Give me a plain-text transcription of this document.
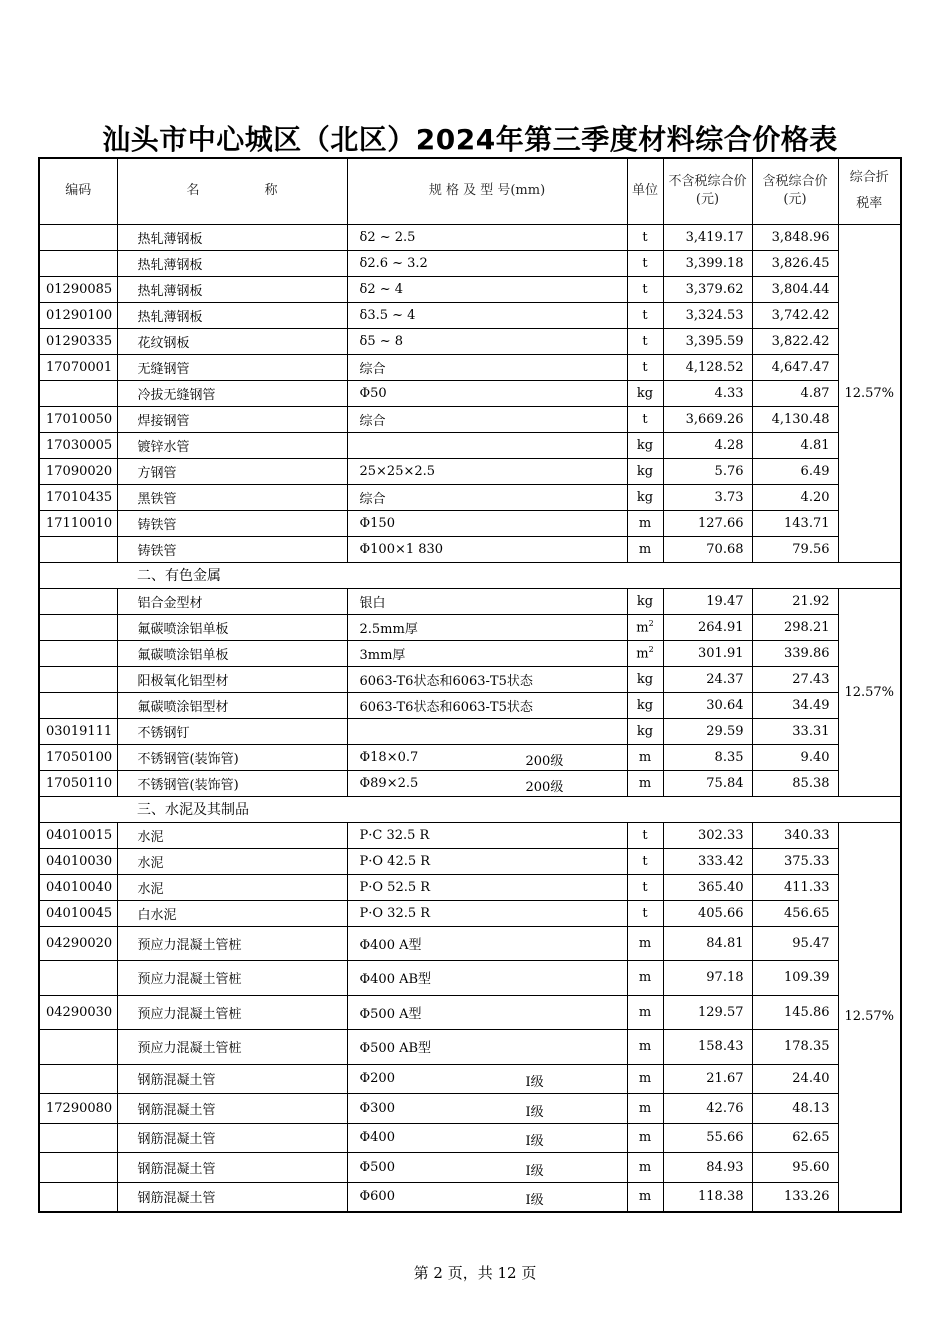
汕头市中心城区（北区）2024年第三季度材料综合价格表
编码	名　　　　　称	规 格 及 型 号(mm)	单位	不含税综合价(元)	含税综合价(元)	综合折税率
	热轧薄钢板	δ2 ~ 2.5	t	3,419.17	3,848.96	12.57%
	热轧薄钢板	δ2.6 ~ 3.2	t	3,399.18	3,826.45	
01290085	热轧薄钢板	δ2 ~ 4	t	3,379.62	3,804.44	
01290100	热轧薄钢板	δ3.5 ~ 4	t	3,324.53	3,742.42	
01290335	花纹钢板	δ5 ~ 8	t	3,395.59	3,822.42	
17070001	无缝钢管	综合	t	4,128.52	4,647.47	
	冷拔无缝钢管	Φ50	kg	4.33	4.87	
17010050	焊接钢管	综合	t	3,669.26	4,130.48	
17030005	镀锌水管		kg	4.28	4.81	
17090020	方钢管	25×25×2.5	kg	5.76	6.49	
17010435	黑铁管	综合	kg	3.73	4.20	
17110010	铸铁管	Φ150	m	127.66	143.71	
	铸铁管	Φ100×1 830	m	70.68	79.56	
	二、有色金属					
	铝合金型材	银白	kg	19.47	21.92	12.57%
	氟碳喷涂铝单板	2.5mm厚	$m^2$	264.91	298.21	
	氟碳喷涂铝单板	3mm厚	$m^2$	301.91	339.86	
	阳极氧化铝型材	6063-T6状态和6063-T5状态	kg	24.37	27.43	
	氟碳喷涂铝型材	6063-T6状态和6063-T5状态	kg	30.64	34.49	
03019111	不锈钢钉		kg	29.59	33.31	
17050100	不锈钢管(装饰管)	Φ18×0.7 200级	m	8.35	9.40	
17050110	不锈钢管(装饰管)	Φ89×2.5 200级	m	75.84	85.38	
	三、水泥及其制品					
04010015	水泥	P·C 32.5 R	t	302.33	340.33	12.57%
04010030	水泥	P·O 42.5 R	t	333.42	375.33	
04010040	水泥	P·O 52.5 R	t	365.40	411.33	
04010045	白水泥	P·O 32.5 R	t	405.66	456.65	
04290020	预应力混凝土管桩	Φ400 A型	m	84.81	95.47	
	预应力混凝土管桩	Φ400 AB型	m	97.18	109.39	
04290030	预应力混凝土管桩	Φ500 A型	m	129.57	145.86	
	预应力混凝土管桩	Φ500 AB型	m	158.43	178.35	
	钢筋混凝土管	Φ200 Ⅰ级	m	21.67	24.40	
17290080	钢筋混凝土管	Φ300 Ⅰ级	m	42.76	48.13	
	钢筋混凝土管	Φ400 Ⅰ级	m	55.66	62.65	
	钢筋混凝土管	Φ500 Ⅰ级	m	84.93	95.60	
	钢筋混凝土管	Φ600 Ⅰ级	m	118.38	133.26	
第 2 页，共 12 页
